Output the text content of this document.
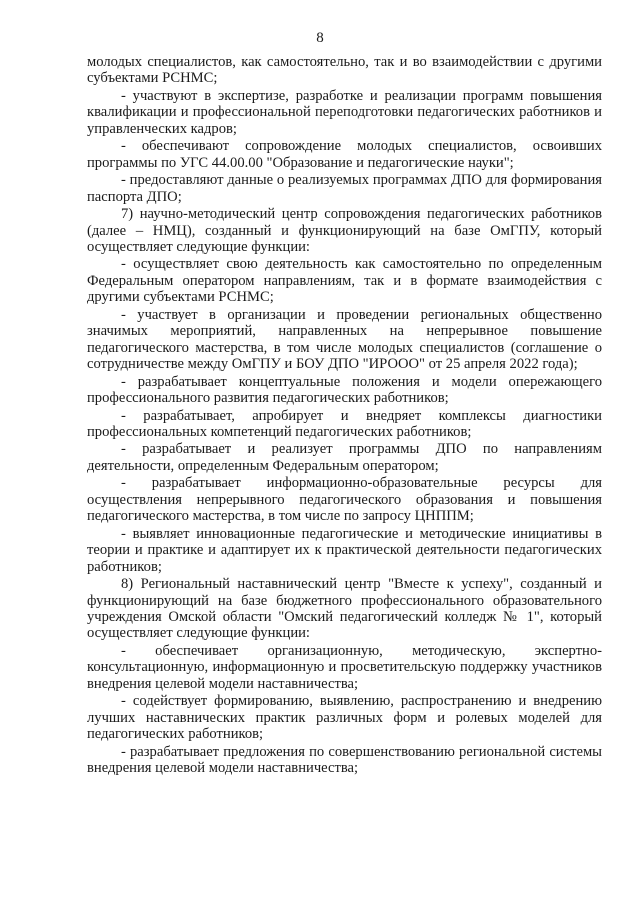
8

молодых специалистов, как самостоятельно, так и во взаимодействии с другими субъектами РСНМС;

- участвуют в экспертизе, разработке и реализации программ повышения квалификации и профессиональной переподготовки педагогических работников и управленческих кадров;

- обеспечивают сопровождение молодых специалистов, освоивших программы по УГС 44.00.00 "Образование и педагогические науки";

- предоставляют данные о реализуемых программах ДПО для формирования паспорта ДПО;

7) научно-методический центр сопровождения педагогических работников (далее – НМЦ), созданный и функционирующий на базе ОмГПУ, который осуществляет следующие функции:

- осуществляет свою деятельность как самостоятельно по определенным Федеральным оператором направлениям, так и в формате взаимодействия с другими субъектами РСНМС;

- участвует в организации и проведении региональных общественно значимых мероприятий, направленных на непрерывное повышение педагогического мастерства, в том числе молодых специалистов (соглашение о сотрудничестве между ОмГПУ и БОУ ДПО "ИРООО" от 25 апреля 2022 года);

- разрабатывает концептуальные положения и модели опережающего профессионального развития педагогических работников;

- разрабатывает, апробирует и внедряет комплексы диагностики профессиональных компетенций педагогических работников;

- разрабатывает и реализует программы ДПО по направлениям деятельности, определенным Федеральным оператором;

- разрабатывает информационно-образовательные ресурсы для осуществления непрерывного педагогического образования и повышения педагогического мастерства, в том числе по запросу ЦНППМ;

- выявляет инновационные педагогические и методические инициативы в теории и практике и адаптирует их к практической деятельности педагогических работников;

8) Региональный наставнический центр "Вместе к успеху", созданный и функционирующий на базе бюджетного профессионального образовательного учреждения Омской области "Омский педагогический колледж № 1", который осуществляет следующие функции:

- обеспечивает организационную, методическую, экспертно-консультационную, информационную и просветительскую поддержку участников внедрения целевой модели наставничества;

- содействует формированию, выявлению, распространению и внедрению лучших наставнических практик различных форм и ролевых моделей для педагогических работников;

- разрабатывает предложения по совершенствованию региональной системы внедрения целевой модели наставничества;
